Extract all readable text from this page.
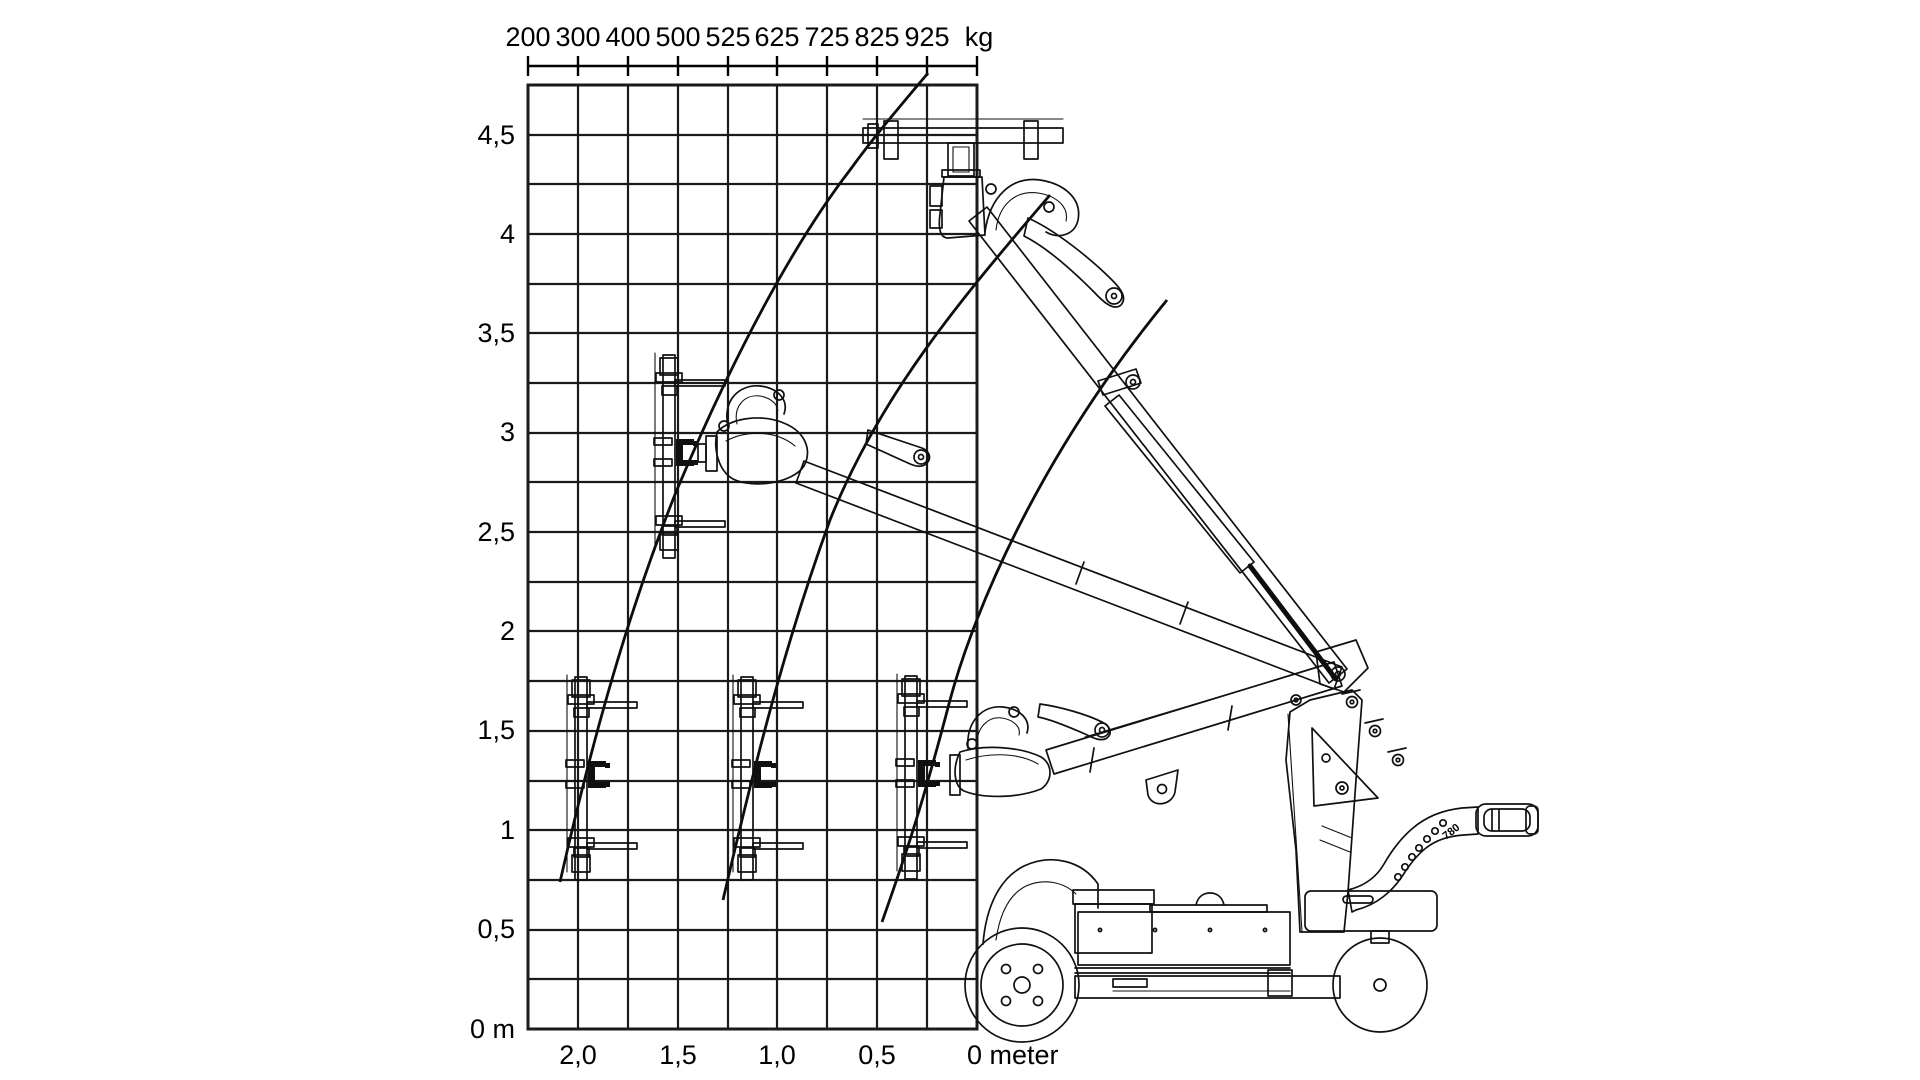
200 300 400 500 525 625 725 825 925 kg
4,5
4
3,5
3
2,5
2
1,5
1
0,5
0 m
2,0 1,5 1,0 0,5	0 meter
780
